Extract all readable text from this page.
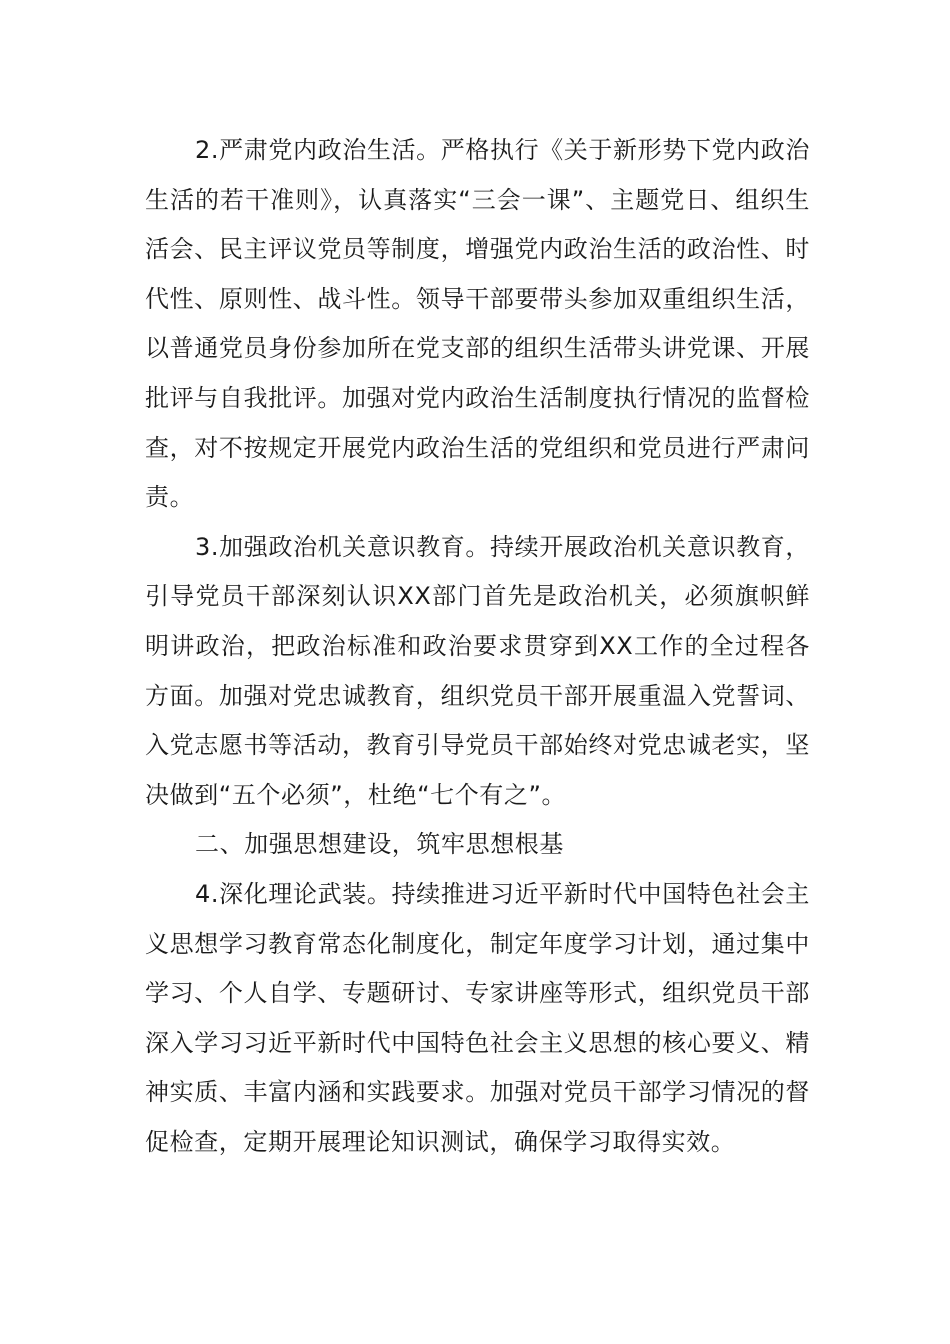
2.严肃党内政治生活。严格执行《关于新形势下党内政治生活的若干准则》，认真落实“三会一课”、主题党日、组织生活会、民主评议党员等制度，增强党内政治生活的政治性、时代性、原则性、战斗性。领导干部要带头参加双重组织生活，以普通党员身份参加所在党支部的组织生活带头讲党课、开展批评与自我批评。加强对党内政治生活制度执行情况的监督检查，对不按规定开展党内政治生活的党组织和党员进行严肃问责。

3.加强政治机关意识教育。持续开展政治机关意识教育，引导党员干部深刻认识XX部门首先是政治机关，必须旗帜鲜明讲政治，把政治标准和政治要求贯穿到XX工作的全过程各方面。加强对党忠诚教育，组织党员干部开展重温入党誓词、入党志愿书等活动，教育引导党员干部始终对党忠诚老实，坚决做到“五个必须”，杜绝“七个有之”。

二、加强思想建设，筑牢思想根基

4.深化理论武装。持续推进习近平新时代中国特色社会主义思想学习教育常态化制度化，制定年度学习计划，通过集中学习、个人自学、专题研讨、专家讲座等形式，组织党员干部深入学习习近平新时代中国特色社会主义思想的核心要义、精神实质、丰富内涵和实践要求。加强对党员干部学习情况的督促检查，定期开展理论知识测试，确保学习取得实效。
